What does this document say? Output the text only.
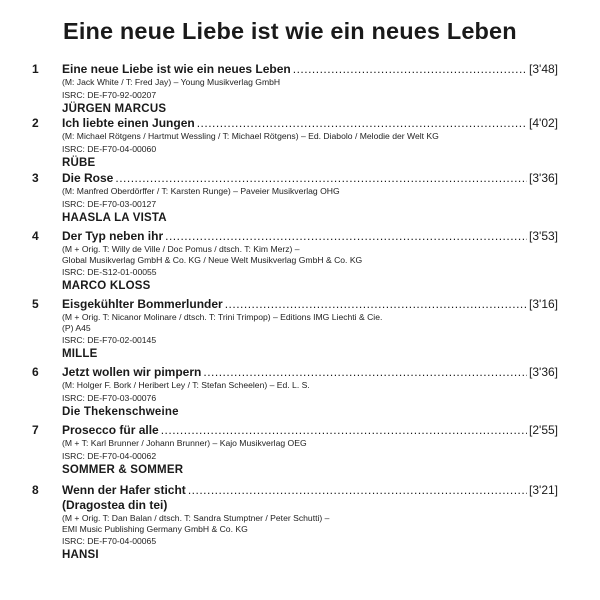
Eine neue Liebe ist wie ein neues Leben
1	Eine neue Liebe ist wie ein neues Leben .....	[3'48]
(M: Jack White / T: Fred Jay) – Young Musikverlag GmbH
ISRC: DE-F70-92-00207
JÜRGEN MARCUS
2	Ich liebte einen Jungen .....	[4'02]
(M: Michael Rötgens / Hartmut Wessling / T: Michael Rötgens) – Ed. Diabolo / Melodie der Welt KG
ISRC: DE-F70-04-00060
RÜBE
3	Die Rose .....	[3'36]
(M: Manfred Oberdörffer / T: Karsten Runge) – Paveier Musikverlag OHG
ISRC: DE-F70-03-00127
HAASLA LA VISTA
4	Der Typ neben ihr .....	[3'53]
(M + Orig. T: Willy de Ville / Doc Pomus / dtsch. T: Kim Merz) –
Global Musikverlag GmbH & Co. KG / Neue Welt Musikverlag GmbH & Co. KG
ISRC: DE-S12-01-00055
MARCO KLOSS
5	Eisgekühlter Bommerlunder .....	[3'16]
(M + Orig. T: Nicanor Molinare / dtsch. T: Trini Trimpop) – Editions IMG Liechti & Cie.
(P) A45
ISRC: DE-F70-02-00145
MILLE
6	Jetzt wollen wir pimpern .....	[3'36]
(M: Holger F. Bork / Heribert Ley / T: Stefan Scheelen) – Ed. L. S.
ISRC: DE-F70-03-00076
Die Thekenschweine
7	Prosecco für alle .....	[2'55]
(M + T: Karl Brunner / Johann Brunner) – Kajo Musikverlag OEG
ISRC: DE-F70-04-00062
SOMMER & SOMMER
8	Wenn der Hafer sticht .....	[3'21]
(Dragostea din tei)
(M + Orig. T: Dan Balan / dtsch. T: Sandra Stumptner / Peter Schutti) –
EMI Music Publishing Germany GmbH & Co. KG
ISRC: DE-F70-04-00065
HANSI
